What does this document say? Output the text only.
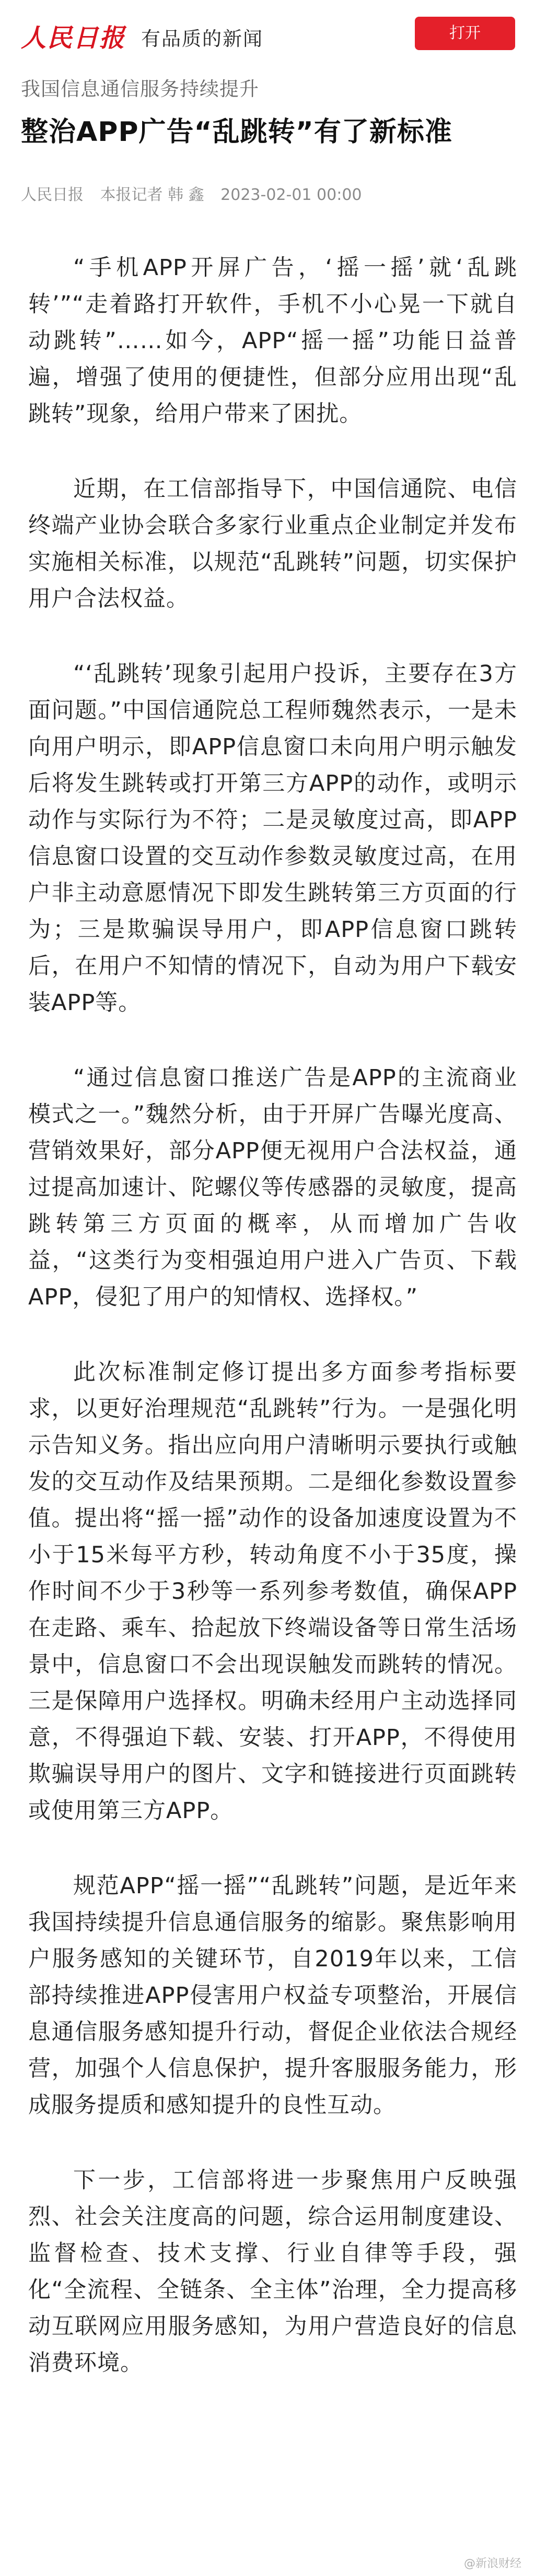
人民日报 有品质的新闻	打开
我国信息通信服务持续提升
整治APP广告“乱跳转”有了新标准
人民日报 本报记者 韩 鑫 2023-02-01 00:00

“手机APP开屏广告，‘摇一摇’就‘乱跳转’”“走着路打开软件，手机不小心晃一下就自动跳转”……如今，APP“摇一摇”功能日益普遍，增强了使用的便捷性，但部分应用出现“乱跳转”现象，给用户带来了困扰。

近期，在工信部指导下，中国信通院、电信终端产业协会联合多家行业重点企业制定并发布实施相关标准，以规范“乱跳转”问题，切实保护用户合法权益。

“‘乱跳转’现象引起用户投诉，主要存在3方面问题。”中国信通院总工程师魏然表示，一是未向用户明示，即APP信息窗口未向用户明示触发后将发生跳转或打开第三方APP的动作，或明示动作与实际行为不符；二是灵敏度过高，即APP信息窗口设置的交互动作参数灵敏度过高，在用户非主动意愿情况下即发生跳转第三方页面的行为；三是欺骗误导用户，即APP信息窗口跳转后，在用户不知情的情况下，自动为用户下载安装APP等。

“通过信息窗口推送广告是APP的主流商业模式之一。”魏然分析，由于开屏广告曝光度高、营销效果好，部分APP便无视用户合法权益，通过提高加速计、陀螺仪等传感器的灵敏度，提高跳转第三方页面的概率，从而增加广告收益，“这类行为变相强迫用户进入广告页、下载APP，侵犯了用户的知情权、选择权。”

此次标准制定修订提出多方面参考指标要求，以更好治理规范“乱跳转”行为。一是强化明示告知义务。指出应向用户清晰明示要执行或触发的交互动作及结果预期。二是细化参数设置参值。提出将“摇一摇”动作的设备加速度设置为不小于15米每平方秒，转动角度不小于35度，操作时间不少于3秒等一系列参考数值，确保APP在走路、乘车、拾起放下终端设备等日常生活场景中，信息窗口不会出现误触发而跳转的情况。三是保障用户选择权。明确未经用户主动选择同意，不得强迫下载、安装、打开APP，不得使用欺骗误导用户的图片、文字和链接进行页面跳转或使用第三方APP。

规范APP“摇一摇”“乱跳转”问题，是近年来我国持续提升信息通信服务的缩影。聚焦影响用户服务感知的关键环节，自2019年以来，工信部持续推进APP侵害用户权益专项整治，开展信息通信服务感知提升行动，督促企业依法合规经营，加强个人信息保护，提升客服服务能力，形成服务提质和感知提升的良性互动。

下一步，工信部将进一步聚焦用户反映强烈、社会关注度高的问题，综合运用制度建设、监督检查、技术支撑、行业自律等手段，强化“全流程、全链条、全主体”治理，全力提高移动互联网应用服务感知，为用户营造良好的信息消费环境。

@新浪财经
